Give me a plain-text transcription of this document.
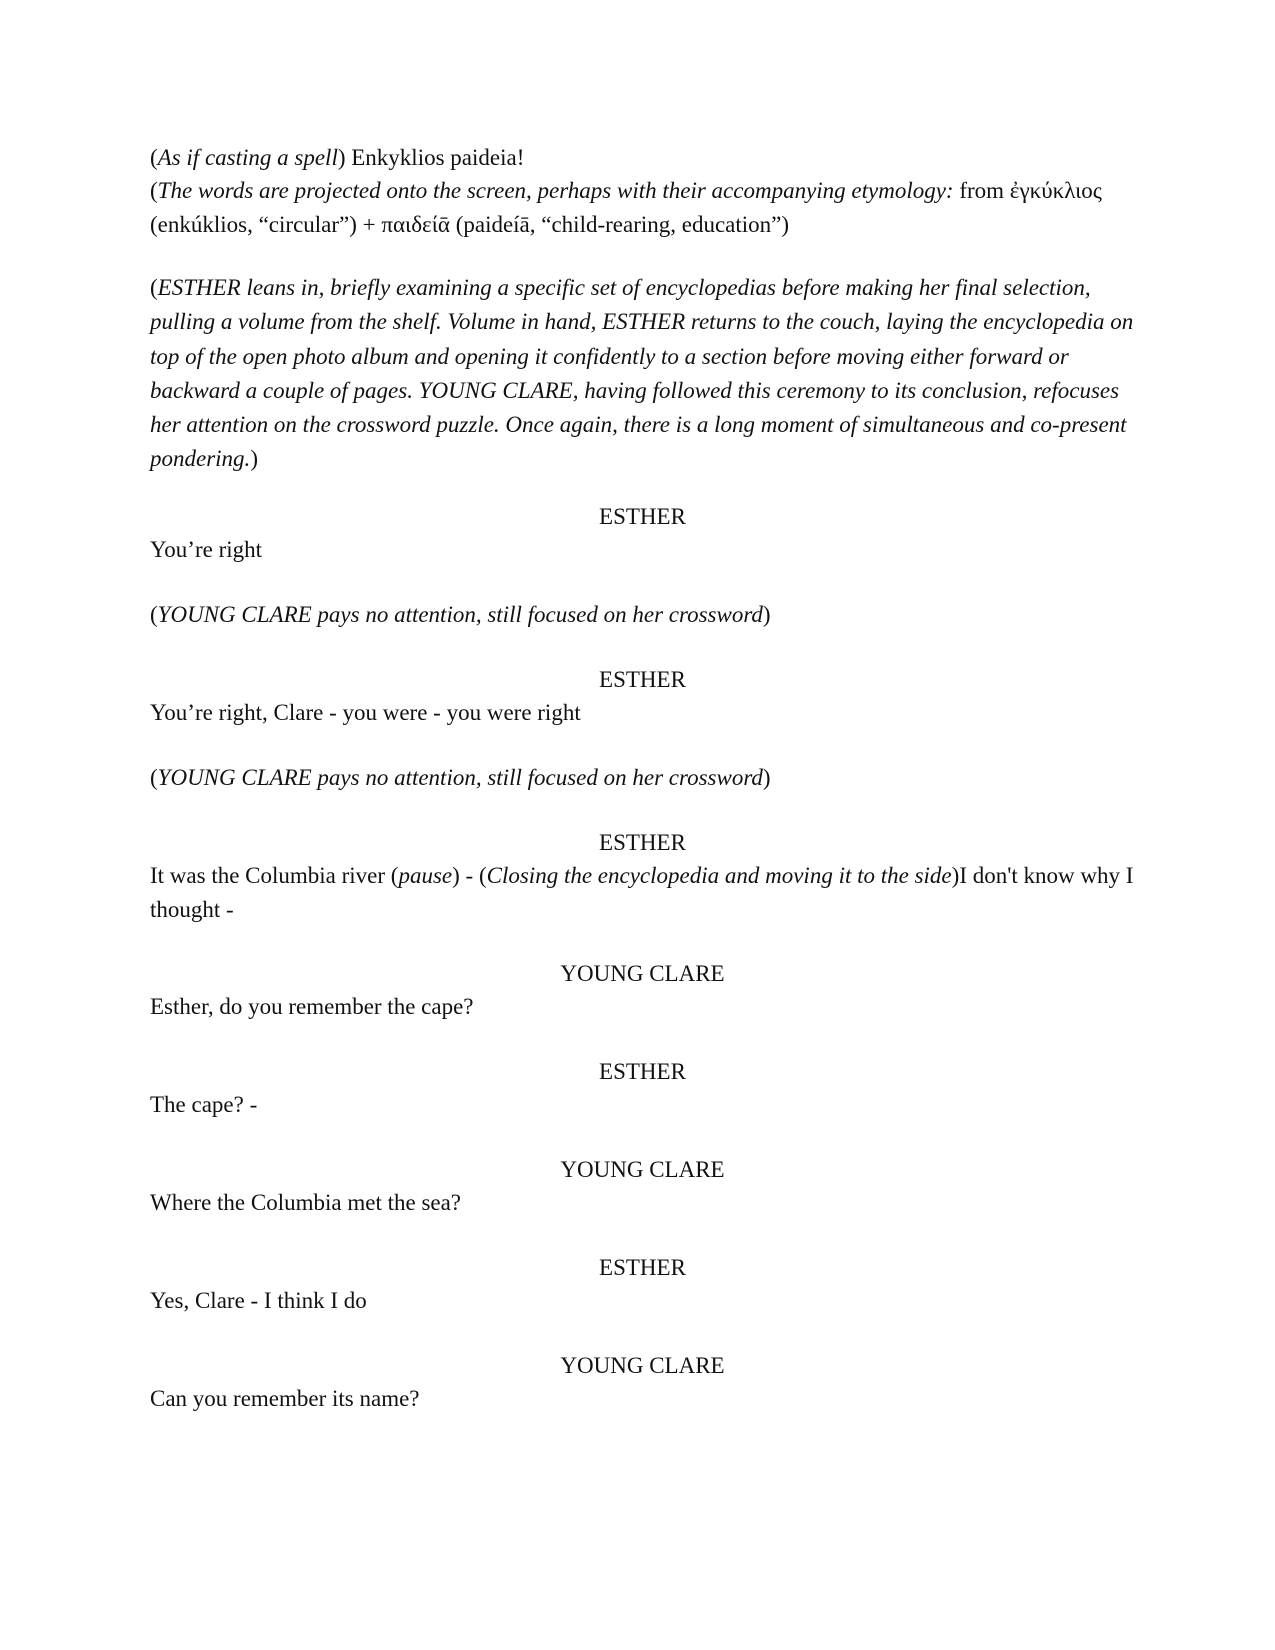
(As if casting a spell) Enkyklios paideia!
(The words are projected onto the screen, perhaps with their accompanying etymology: from ἐγκύκλιος (enkúklios, “circular”) + παιδείᾱ (paideíā, “child-rearing, education”)
(ESTHER leans in, briefly examining a specific set of encyclopedias before making her final selection, pulling a volume from the shelf. Volume in hand, ESTHER returns to the couch, laying the encyclopedia on top of the open photo album and opening it confidently to a section before moving either forward or backward a couple of pages. YOUNG CLARE, having followed this ceremony to its conclusion, refocuses her attention on the crossword puzzle. Once again, there is a long moment of simultaneous and co-present pondering.)
ESTHER
You’re right
(YOUNG CLARE pays no attention, still focused on her crossword)
ESTHER
You’re right, Clare - you were - you were right
(YOUNG CLARE pays no attention, still focused on her crossword)
ESTHER
It was the Columbia river (pause) - (Closing the encyclopedia and moving it to the side)I don't know why I thought -
YOUNG CLARE
Esther, do you remember the cape?
ESTHER
The cape? -
YOUNG CLARE
Where the Columbia met the sea?
ESTHER
Yes, Clare - I think I do
YOUNG CLARE
Can you remember its name?
